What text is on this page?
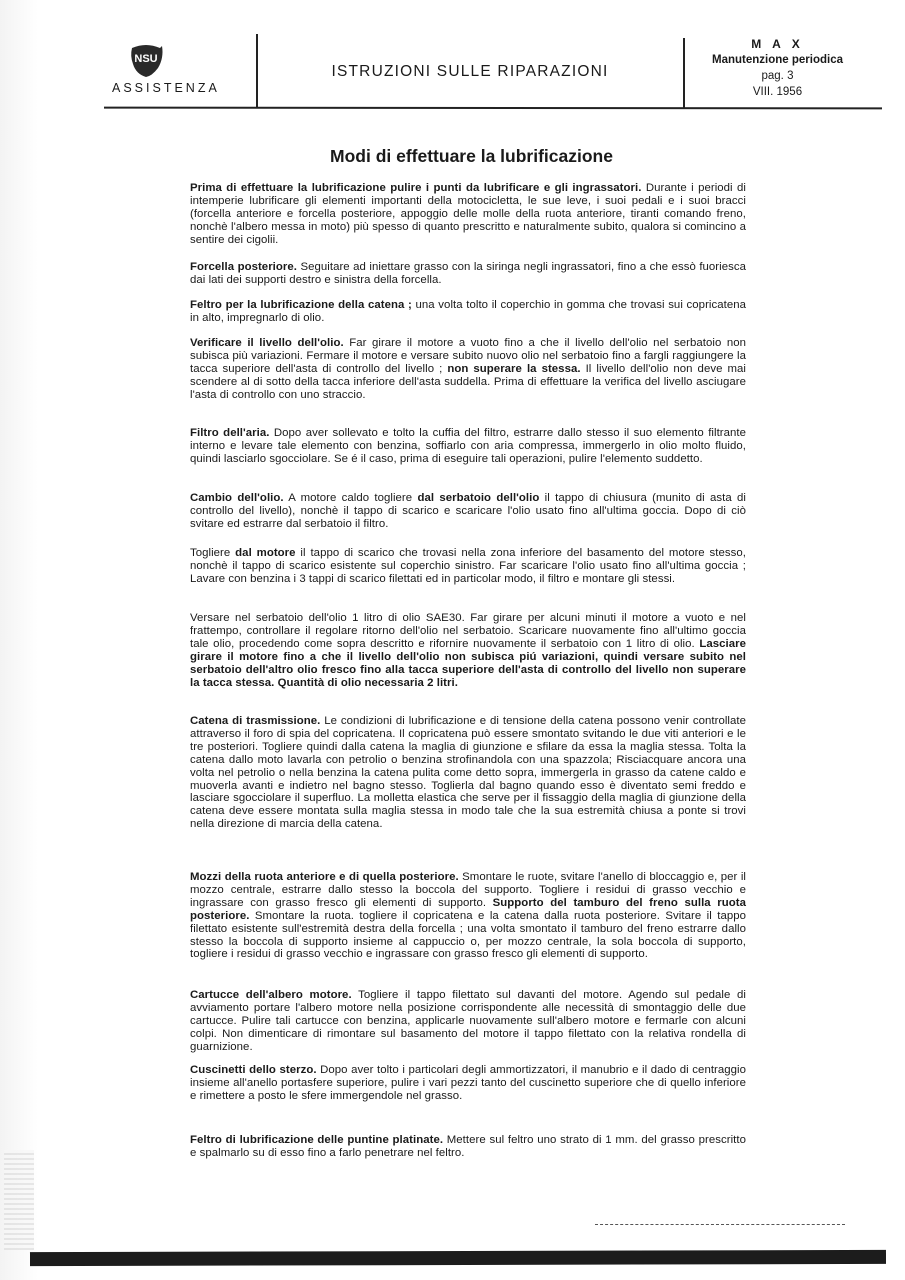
NSU
ASSISTENZA
ISTRUZIONI SULLE RIPARAZIONI
M A X
Manutenzione periodica
pag. 3
VIII. 1956
Modi di effettuare la lubrificazione

Prima di effettuare la lubrificazione pulire i punti da lubrificare e gli ingrassatori. Durante i periodi di intemperie lubrificare gli elementi importanti della motocicletta, le sue leve, i suoi pedali e i suoi bracci (forcella anteriore e forcella posteriore, appoggio delle molle della ruota anteriore, tiranti comando freno, nonchè l'albero messa in moto) più spesso di quanto prescritto e naturalmente subito, qualora si comincino a sentire dei cigolii.

Forcella posteriore. Seguitare ad iniettare grasso con la siringa negli ingrassatori, fino a che essò fuoriesca dai lati dei supporti destro e sinistra della forcella.

Feltro per la lubrificazione della catena ; una volta tolto il coperchio in gomma che trovasi sui copricatena in alto, impregnarlo di olio.

Verificare il livello dell'olio. Far girare il motore a vuoto fino a che il livello dell'olio nel serbatoio non subisca più variazioni. Fermare il motore e versare subito nuovo olio nel serbatoio fino a fargli raggiungere la tacca superiore dell'asta di controllo del livello ; non superare la stessa. Il livello dell'olio non deve mai scendere al di sotto della tacca inferiore dell'asta suddella. Prima di effettuare la verifica del livello asciugare l'asta di controllo con uno straccio.

Filtro dell'aria. Dopo aver sollevato e tolto la cuffia del filtro, estrarre dallo stesso il suo elemento filtrante interno e levare tale elemento con benzina, soffiarlo con aria compressa, immergerlo in olio molto fluido, quindi lasciarlo sgocciolare. Se é il caso, prima di eseguire tali operazioni, pulire l'elemento suddetto.

Cambio dell'olio. A motore caldo togliere dal serbatoio dell'olio il tappo di chiusura (munito di asta di controllo del livello), nonchè il tappo di scarico e scaricare l'olio usato fino all'ultima goccia. Dopo di ciò svitare ed estrarre dal serbatoio il filtro.

Togliere dal motore il tappo di scarico che trovasi nella zona inferiore del basamento del motore stesso, nonchè il tappo di scarico esistente sul coperchio sinistro. Far scaricare l'olio usato fino all'ultima goccia ; Lavare con benzina i 3 tappi di scarico filettati ed in particolar modo, il filtro e montare gli stessi.

Versare nel serbatoio dell'olio 1 litro di olio SAE30. Far girare per alcuni minuti il motore a vuoto e nel frattempo, controllare il regolare ritorno dell'olio nel serbatoio. Scaricare nuovamente fino all'ultimo goccia tale olio, procedendo come sopra descritto e rifornire nuovamente il serbatoio con 1 litro di olio. Lasciare girare il motore fino a che il livello dell'olio non subisca piú variazioni, quindi versare subito nel serbatoio dell'altro olio fresco fino alla tacca superiore dell'asta di controllo del livello non superare la tacca stessa. Quantità di olio necessaria 2 litri.

Catena di trasmissione. Le condizioni di lubrificazione e di tensione della catena possono venir controllate attraverso il foro di spia del copricatena. Il copricatena può essere smontato svitando le due viti anteriori e le tre posteriori. Togliere quindi dalla catena la maglia di giunzione e sfilare da essa la maglia stessa. Tolta la catena dallo moto lavarla con petrolio o benzina strofinandola con una spazzola; Risciacquare ancora una volta nel petrolio o nella benzina la catena pulita come detto sopra, immergerla in grasso da catene caldo e muoverla avanti e indietro nel bagno stesso. Toglierla dal bagno quando esso è diventato semi freddo e lasciare sgocciolare il superfluo. La molletta elastica che serve per il fissaggio della maglia di giunzione della catena deve essere montata sulla maglia stessa in modo tale che la sua estremità chiusa a ponte si trovi nella direzione di marcia della catena.

Mozzi della ruota anteriore e di quella posteriore. Smontare le ruote, svitare l'anello di bloccaggio e, per il mozzo centrale, estrarre dallo stesso la boccola del supporto. Togliere i residui di grasso vecchio e ingrassare con grasso fresco gli elementi di supporto. Supporto del tamburo del freno sulla ruota posteriore. Smontare la ruota. togliere il copricatena e la catena dalla ruota posteriore. Svitare il tappo filettato esistente sull'estremità destra della forcella ; una volta smontato il tamburo del freno estrarre dallo stesso la boccola di supporto insieme al cappuccio o, per mozzo centrale, la sola boccola di supporto, togliere i residui di grasso vecchio e ingrassare con grasso fresco gli elementi di supporto.

Cartucce dell'albero motore. Togliere il tappo filettato sul davanti del motore. Agendo sul pedale di avviamento portare l'albero motore nella posizione corrispondente alle necessità di smontaggio delle due cartucce. Pulire tali cartucce con benzina, applicarle nuovamente sull'albero motore e fermarle con alcuni colpi. Non dimenticare di rimontare sul basamento del motore il tappo filettato con la relativa rondella di guarnizione.

Cuscinetti dello sterzo. Dopo aver tolto i particolari degli ammortizzatori, il manubrio e il dado di centraggio insieme all'anello portasfere superiore, pulire i vari pezzi tanto del cuscinetto superiore che di quello inferiore e rimettere a posto le sfere immergendole nel grasso.

Feltro di lubrificazione delle puntine platinate. Mettere sul feltro uno strato di 1 mm. del grasso prescritto e spalmarlo su di esso fino a farlo penetrare nel feltro.
